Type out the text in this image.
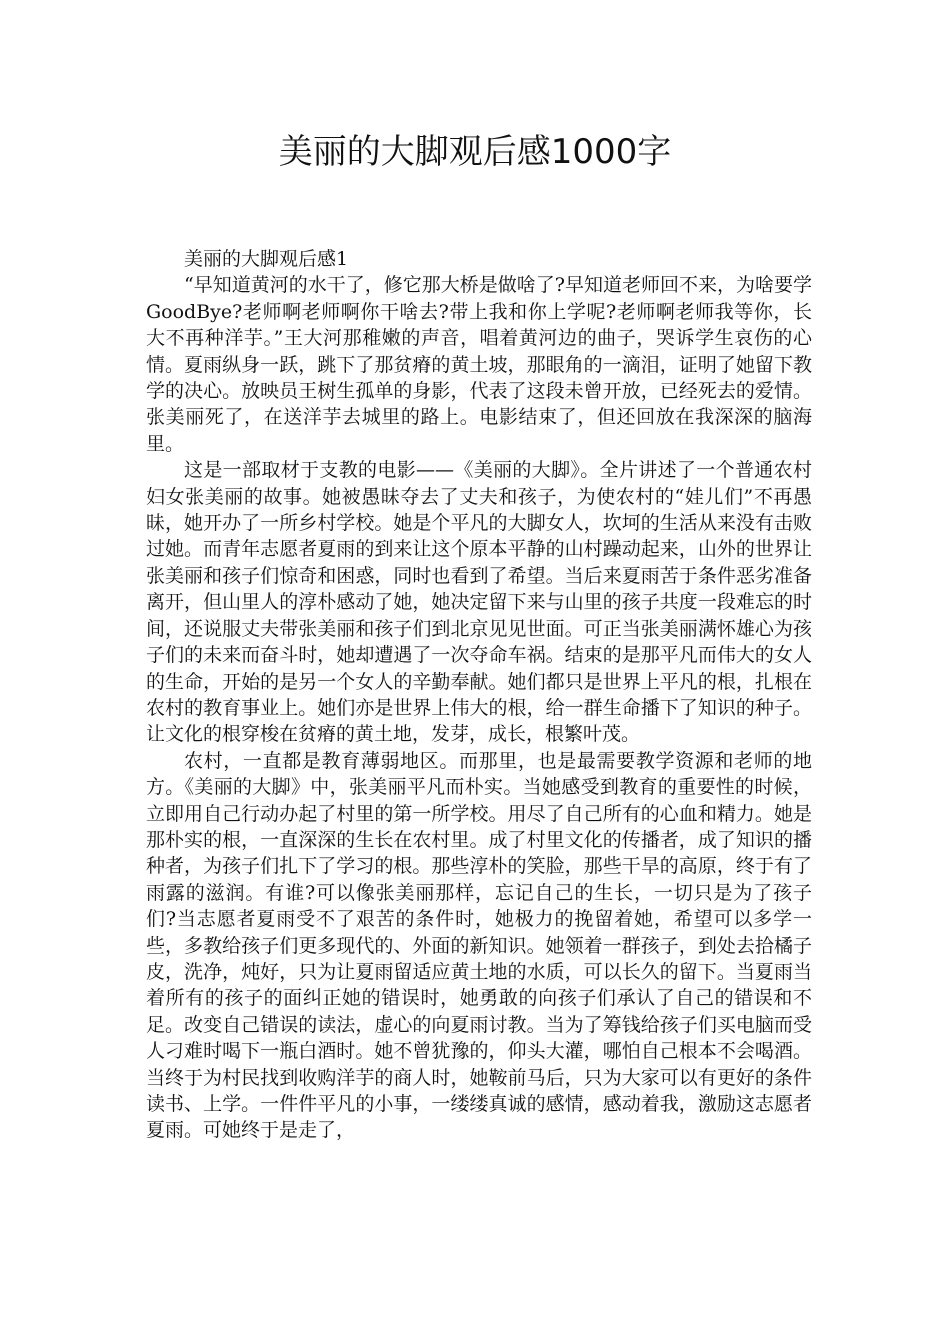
美丽的大脚观后感1000字
美丽的大脚观后感1

“早知道黄河的水干了，修它那大桥是做啥了?早知道老师回不来，为啥要学GoodBye?老师啊老师啊你干啥去?带上我和你上学呢?老师啊老师我等你，长大不再种洋芋。”王大河那稚嫩的声音，唱着黄河边的曲子，哭诉学生哀伤的心情。夏雨纵身一跃，跳下了那贫瘠的黄土坡，那眼角的一滴泪，证明了她留下教学的决心。放映员王树生孤单的身影，代表了这段未曾开放，已经死去的爱情。张美丽死了，在送洋芋去城里的路上。电影结束了，但还回放在我深深的脑海里。

这是一部取材于支教的电影——《美丽的大脚》。全片讲述了一个普通农村妇女张美丽的故事。她被愚昧夺去了丈夫和孩子，为使农村的“娃儿们”不再愚昧，她开办了一所乡村学校。她是个平凡的大脚女人，坎坷的生活从来没有击败过她。而青年志愿者夏雨的到来让这个原本平静的山村躁动起来，山外的世界让张美丽和孩子们惊奇和困惑，同时也看到了希望。当后来夏雨苦于条件恶劣准备离开，但山里人的淳朴感动了她，她决定留下来与山里的孩子共度一段难忘的时间，还说服丈夫带张美丽和孩子们到北京见见世面。可正当张美丽满怀雄心为孩子们的未来而奋斗时，她却遭遇了一次夺命车祸。结束的是那平凡而伟大的女人的生命，开始的是另一个女人的辛勤奉献。她们都只是世界上平凡的根，扎根在农村的教育事业上。她们亦是世界上伟大的根，给一群生命播下了知识的种子。让文化的根穿梭在贫瘠的黄土地，发芽，成长，根繁叶茂。

农村，一直都是教育薄弱地区。而那里，也是最需要教学资源和老师的地方。《美丽的大脚》中，张美丽平凡而朴实。当她感受到教育的重要性的时候，立即用自己行动办起了村里的第一所学校。用尽了自己所有的心血和精力。她是那朴实的根，一直深深的生长在农村里。成了村里文化的传播者，成了知识的播种者，为孩子们扎下了学习的根。那些淳朴的笑脸，那些干旱的高原，终于有了雨露的滋润。有谁?可以像张美丽那样，忘记自己的生长，一切只是为了孩子们?当志愿者夏雨受不了艰苦的条件时，她极力的挽留着她，希望可以多学一些，多教给孩子们更多现代的、外面的新知识。她领着一群孩子，到处去拾橘子皮，洗净，炖好，只为让夏雨留适应黄土地的水质，可以长久的留下。当夏雨当着所有的孩子的面纠正她的错误时，她勇敢的向孩子们承认了自己的错误和不足。改变自己错误的读法，虚心的向夏雨讨教。当为了筹钱给孩子们买电脑而受人刁难时喝下一瓶白酒时。她不曾犹豫的，仰头大灌，哪怕自己根本不会喝酒。当终于为村民找到收购洋芋的商人时，她鞍前马后，只为大家可以有更好的条件读书、上学。一件件平凡的小事，一缕缕真诚的感情，感动着我，激励这志愿者夏雨。可她终于是走了，
